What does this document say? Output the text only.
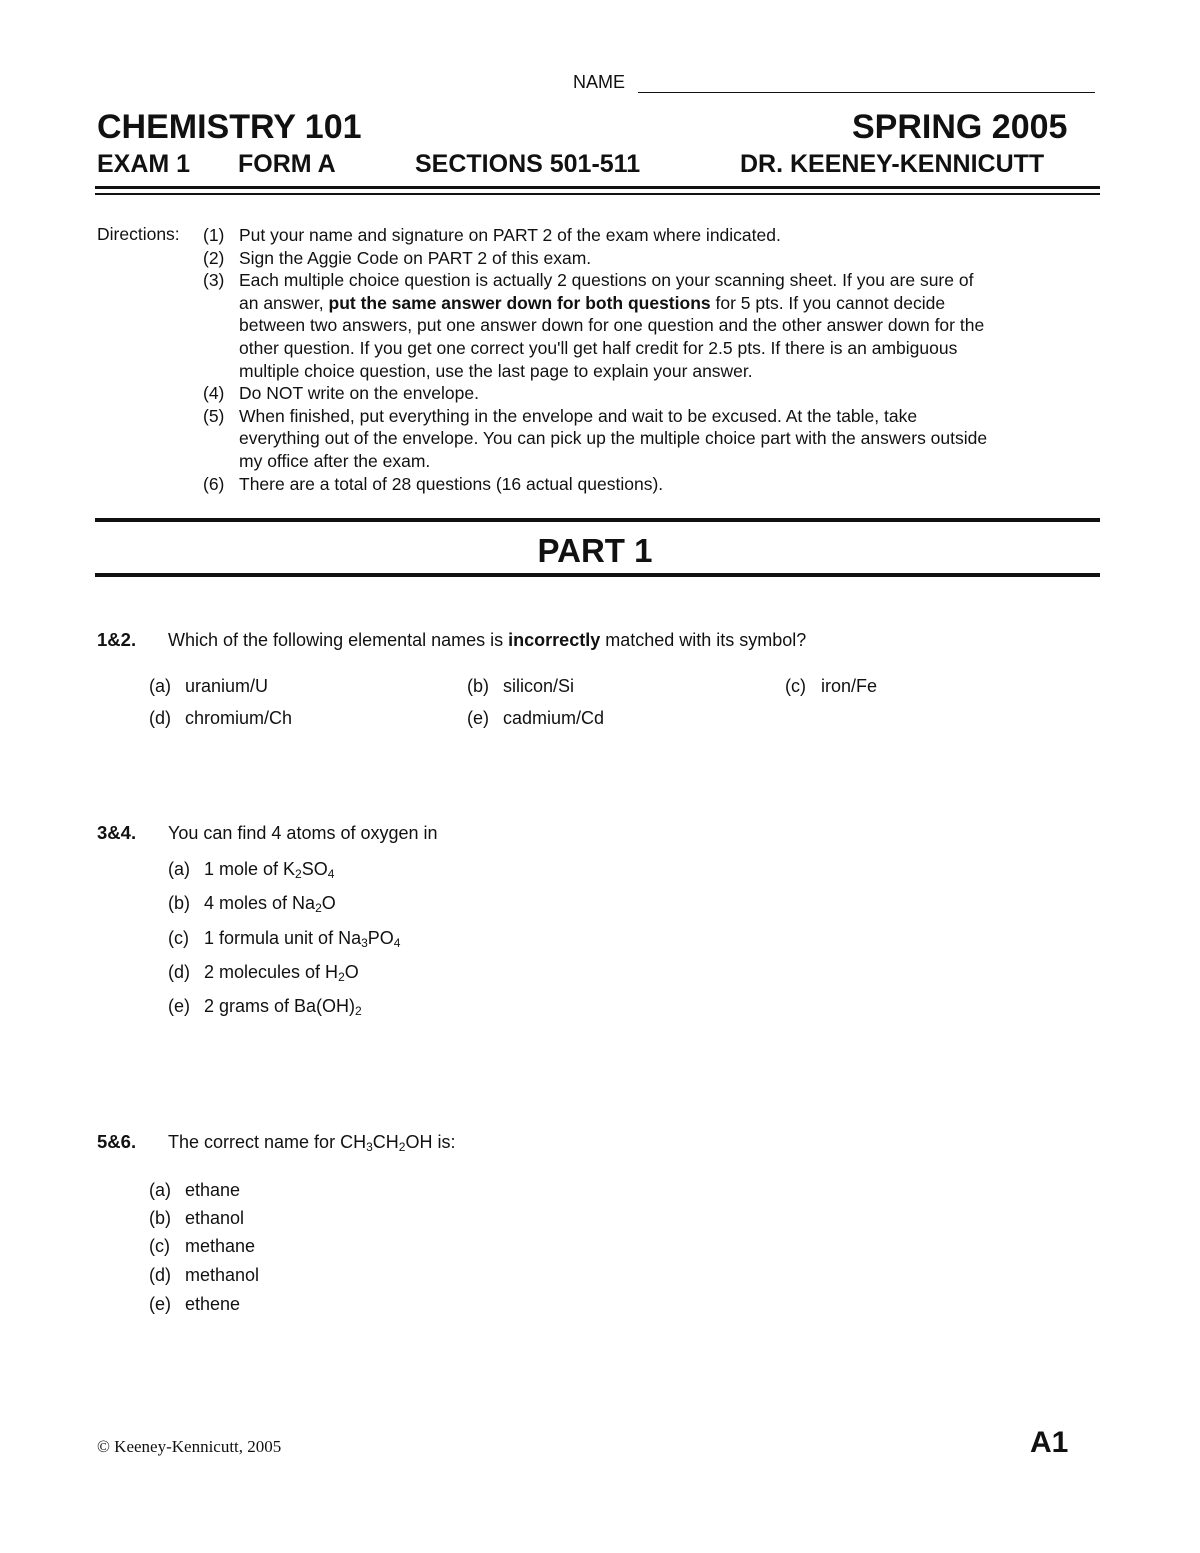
NAME
CHEMISTRY 101	SPRING 2005
EXAM 1 FORM A	SECTIONS 501-511	DR. KEENEY-KENNICUTT
Directions: (1) Put your name and signature on PART 2 of the exam where indicated.
(2) Sign the Aggie Code on PART 2 of this exam.
(3) Each multiple choice question is actually 2 questions on your scanning sheet. If you are sure of
an answer, put the same answer down for both questions for 5 pts. If you cannot decide
between two answers, put one answer down for one question and the other answer down for the
other question. If you get one correct you'll get half credit for 2.5 pts. If there is an ambiguous
multiple choice question, use the last page to explain your answer.
(4) Do NOT write on the envelope.
(5) When finished, put everything in the envelope and wait to be excused. At the table, take
everything out of the envelope. You can pick up the multiple choice part with the answers outside
my office after the exam.
(6) There are a total of 28 questions (16 actual questions).
PART 1
1&2. Which of the following elemental names is incorrectly matched with its symbol?
(a) uranium/U	(b) silicon/Si	(c) iron/Fe
(d) chromium/Ch	(e) cadmium/Cd
3&4. You can find 4 atoms of oxygen in
(a) 1 mole of $K_2SO_4$
(b) 4 moles of $Na_2O$
(c) 1 formula unit of $Na_3PO_4$
(d) 2 molecules of $H_2O$
(e) 2 grams of $Ba(OH)_2$
5&6. The correct name for $CH_3CH_2OH$ is:
(a) ethane
(b) ethanol
(c) methane
(d) methanol
(e) ethene
© Keeney-Kennicutt, 2005	A1
